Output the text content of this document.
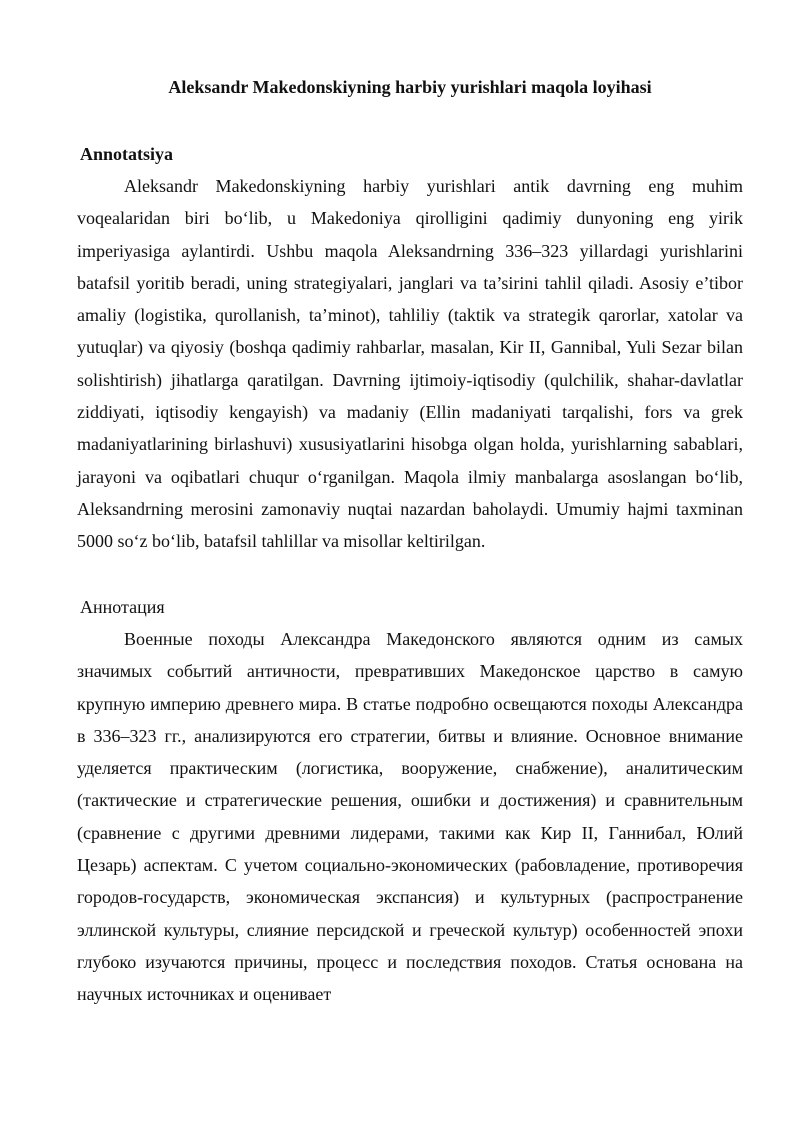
Aleksandr Makedonskiyning harbiy yurishlari maqola loyihasi
Annotatsiya

Aleksandr Makedonskiyning harbiy yurishlari antik davrning eng muhim voqealaridan biri bo‘lib, u Makedoniya qirolligini qadimiy dunyoning eng yirik imperiyasiga aylantirdi. Ushbu maqola Aleksandrning 336–323 yillardagi yurishlarini batafsil yoritib beradi, uning strategiyalari, janglari va ta’sirini tahlil qiladi. Asosiy e’tibor amaliy (logistika, qurollanish, ta’minot), tahliliy (taktik va strategik qarorlar, xatolar va yutuqlar) va qiyosiy (boshqa qadimiy rahbarlar, masalan, Kir II, Gannibal, Yuli Sezar bilan solishtirish) jihatlarga qaratilgan. Davrning ijtimoiy-iqtisodiy (qulchilik, shahar-davlatlar ziddiyati, iqtisodiy kengayish) va madaniy (Ellin madaniyati tarqalishi, fors va grek madaniyatlarining birlashuvi) xususiyatlarini hisobga olgan holda, yurishlarning sabablari, jarayoni va oqibatlari chuqur o‘rganilgan. Maqola ilmiy manbalarga asoslangan bo‘lib, Aleksandrning merosini zamonaviy nuqtai nazardan baholaydi. Umumiy hajmi taxminan 5000 so‘z bo‘lib, batafsil tahlillar va misollar keltirilgan.

Аннотация

Военные походы Александра Македонского являются одним из самых значимых событий античности, превративших Македонское царство в самую крупную империю древнего мира. В статье подробно освещаются походы Александра в 336–323 гг., анализируются его стратегии, битвы и влияние. Основное внимание уделяется практическим (логистика, вооружение, снабжение), аналитическим (тактические и стратегические решения, ошибки и достижения) и сравнительным (сравнение с другими древними лидерами, такими как Кир II, Ганнибал, Юлий Цезарь) аспектам. С учетом социально-экономических (рабовладение, противоречия городов-государств, экономическая экспансия) и культурных (распространение эллинской культуры, слияние персидской и греческой культур) особенностей эпохи глубоко изучаются причины, процесс и последствия походов. Статья основана на научных источниках и оценивает
